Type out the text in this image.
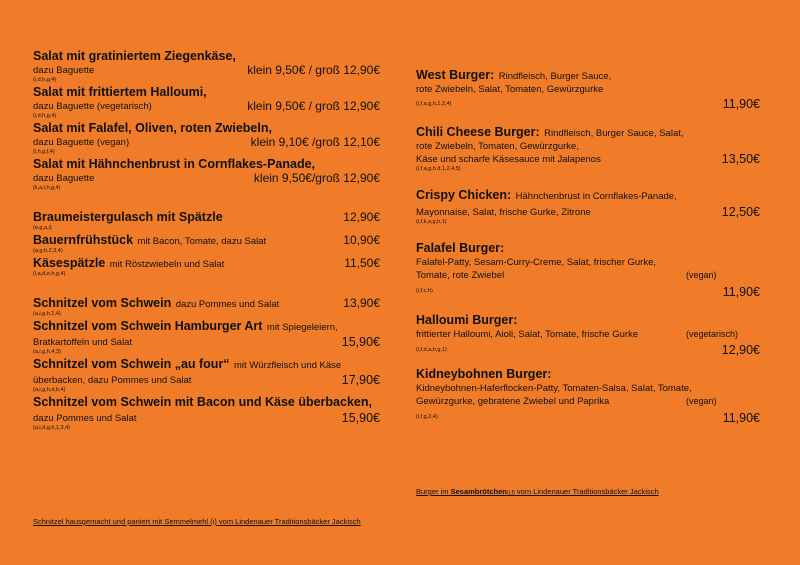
Salat mit gratiniertem Ziegenkäse,
dazu Baguette	klein 9,50€ / groß 12,90€
(i,d,h,g,4)
Salat mit frittiertem Halloumi,
dazu Baguette (vegetarisch)	klein 9,50€ / groß 12,90€
(i,d,h,g,4)
Salat mit Falafel, Oliven, roten Zwiebeln,
dazu Baguette (vegan)	klein 9,10€ /groß 12,10€
(i,h,g,f,4)
Salat mit Hähnchenbrust in Cornflakes-Panade,
dazu Baguette	klein 9,50€/groß 12,90€
(k,a,i,h,g,4)
Braumeistergulasch mit Spätzle	12,90€
(e,g,a,i)
Bauernfrühstück mit Bacon, Tomate, dazu Salat	10,90€
(a,g,h,2,3,4)
Käsespätzle mit Röstzwiebeln und Salat	11,50€
(i,a,d,e,h,g,4)
Schnitzel vom Schwein dazu Pommes und Salat	13,90€
(a,i,g,h,1,4)
Schnitzel vom Schwein Hamburger Art mit Spiegeleiern,
Bratkartoffeln und Salat	15,90€
(a,i,g,h,4,3)
Schnitzel vom Schwein „au four“ mit Würzfleisch und Käse
überbacken, dazu Pommes und Salat	17,90€
(a,i,g,h,d,b,4)
Schnitzel vom Schwein mit Bacon und Käse überbacken,
dazu Pommes und Salat	15,90€
(a,i,d,g,h,1,3,4)
Schnitzel hausgemacht und paniert mit Semmelmehl (i) vom Lindenauer Traditionsbäcker Jackisch
West Burger: Rindfleisch, Burger Sauce,
rote Zwiebeln, Salat, Tomaten, Gewürzgurke
(i,f,a,g,h,1,2,4)	11,90€
Chili Cheese Burger: Rindfleisch, Burger Sauce, Salat,
rote Zwiebeln, Tomaten, Gewürzgurke,
Käse und scharfe Käsesauce mit Jalapenos	13,50€
(i,f,a,g,h,d,1,2,4,5)
Crispy Chicken: Hähnchenbrust in Cornflakes-Panade,
Mayonnaise, Salat, frische Gurke, Zitrone	12,50€
(i,f,k,a,g,h,1)
Falafel Burger:
Falafel-Patty, Sesam-Curry-Creme, Salat, frischer Gurke,
Tomate, rote Zwiebel	(vegan)
(i,f,c,h)	11,90€
Halloumi Burger:
frittierter Halloumi, Aioli, Salat, Tomate, frische Gurke	(vegetarisch)
(i,f,d,a,h,g,1)	12,90€
Kidneybohnen Burger:
Kidneybohnen-Haferflocken-Patty, Tomaten-Salsa, Salat, Tomate,
Gewürzgurke, gebratene Zwiebel und Paprika	(vegan)
(i,f,g,2,4)	11,90€
Burger im Sesambrötchen(i,f) vom Lindenauer Traditionsbäcker Jackisch
